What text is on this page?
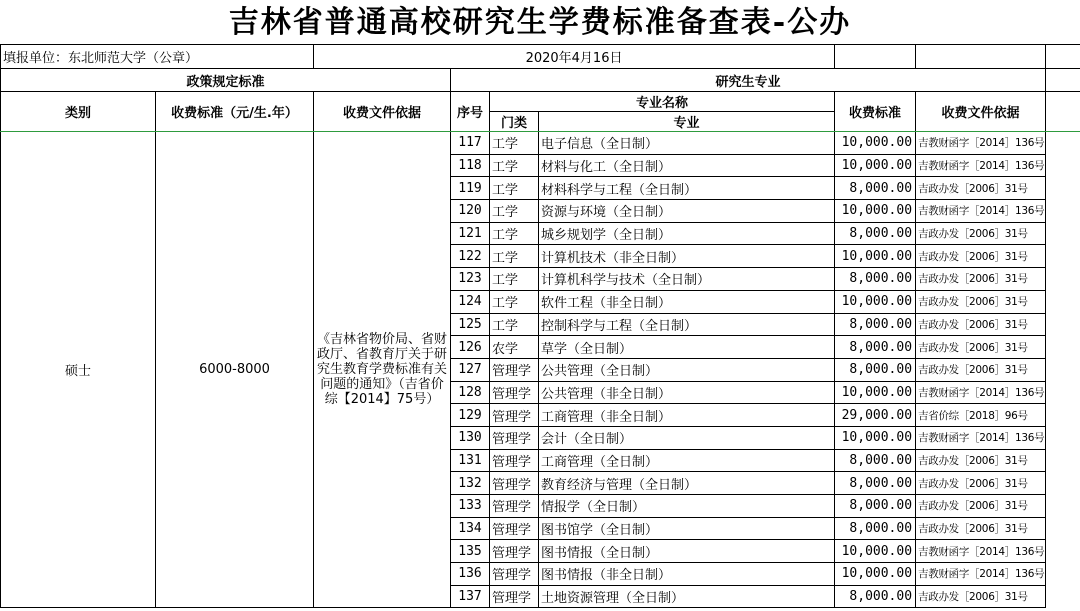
吉林省普通高校研究生学费标准备查表-公办
填报单位：东北师范大学（公章）		2020年4月16日						
政策规定标准			研究生专业					
类别	收费标准（元/生.年）	收费文件依据	序号	专业名称		收费标准	收费文件依据	
				门类	专业			
硕士	6000-8000	《吉林省物价局、省财政厅、省教育厅关于研究生教育学费标准有关问题的通知》（吉省价综【2014】75号）	117	工学	电子信息（全日制）	10,000.00	吉教财函字［2014］136号	
			118	工学	材料与化工（全日制）	10,000.00	吉教财函字［2014］136号	
			119	工学	材料科学与工程（全日制）	8,000.00	吉政办发［2006］31号	
			120	工学	资源与环境（全日制）	10,000.00	吉教财函字［2014］136号	
			121	工学	城乡规划学（全日制）	8,000.00	吉政办发［2006］31号	
			122	工学	计算机技术（非全日制）	10,000.00	吉政办发［2006］31号	
			123	工学	计算机科学与技术（全日制）	8,000.00	吉政办发［2006］31号	
			124	工学	软件工程（非全日制）	10,000.00	吉政办发［2006］31号	
			125	工学	控制科学与工程（全日制）	8,000.00	吉政办发［2006］31号	
			126	农学	草学（全日制）	8,000.00	吉政办发［2006］31号	
			127	管理学	公共管理（全日制）	8,000.00	吉政办发［2006］31号	
			128	管理学	公共管理（非全日制）	10,000.00	吉教财函字［2014］136号	
			129	管理学	工商管理（非全日制）	29,000.00	吉省价综［2018］96号	
			130	管理学	会计（全日制）	10,000.00	吉教财函字［2014］136号	
			131	管理学	工商管理（全日制）	8,000.00	吉政办发［2006］31号	
			132	管理学	教育经济与管理（全日制）	8,000.00	吉政办发［2006］31号	
			133	管理学	情报学（全日制）	8,000.00	吉政办发［2006］31号	
			134	管理学	图书馆学（全日制）	8,000.00	吉政办发［2006］31号	
			135	管理学	图书情报（全日制）	10,000.00	吉教财函字［2014］136号	
			136	管理学	图书情报（非全日制）	10,000.00	吉教财函字［2014］136号	
			137	管理学	土地资源管理（全日制）	8,000.00	吉政办发［2006］31号	
